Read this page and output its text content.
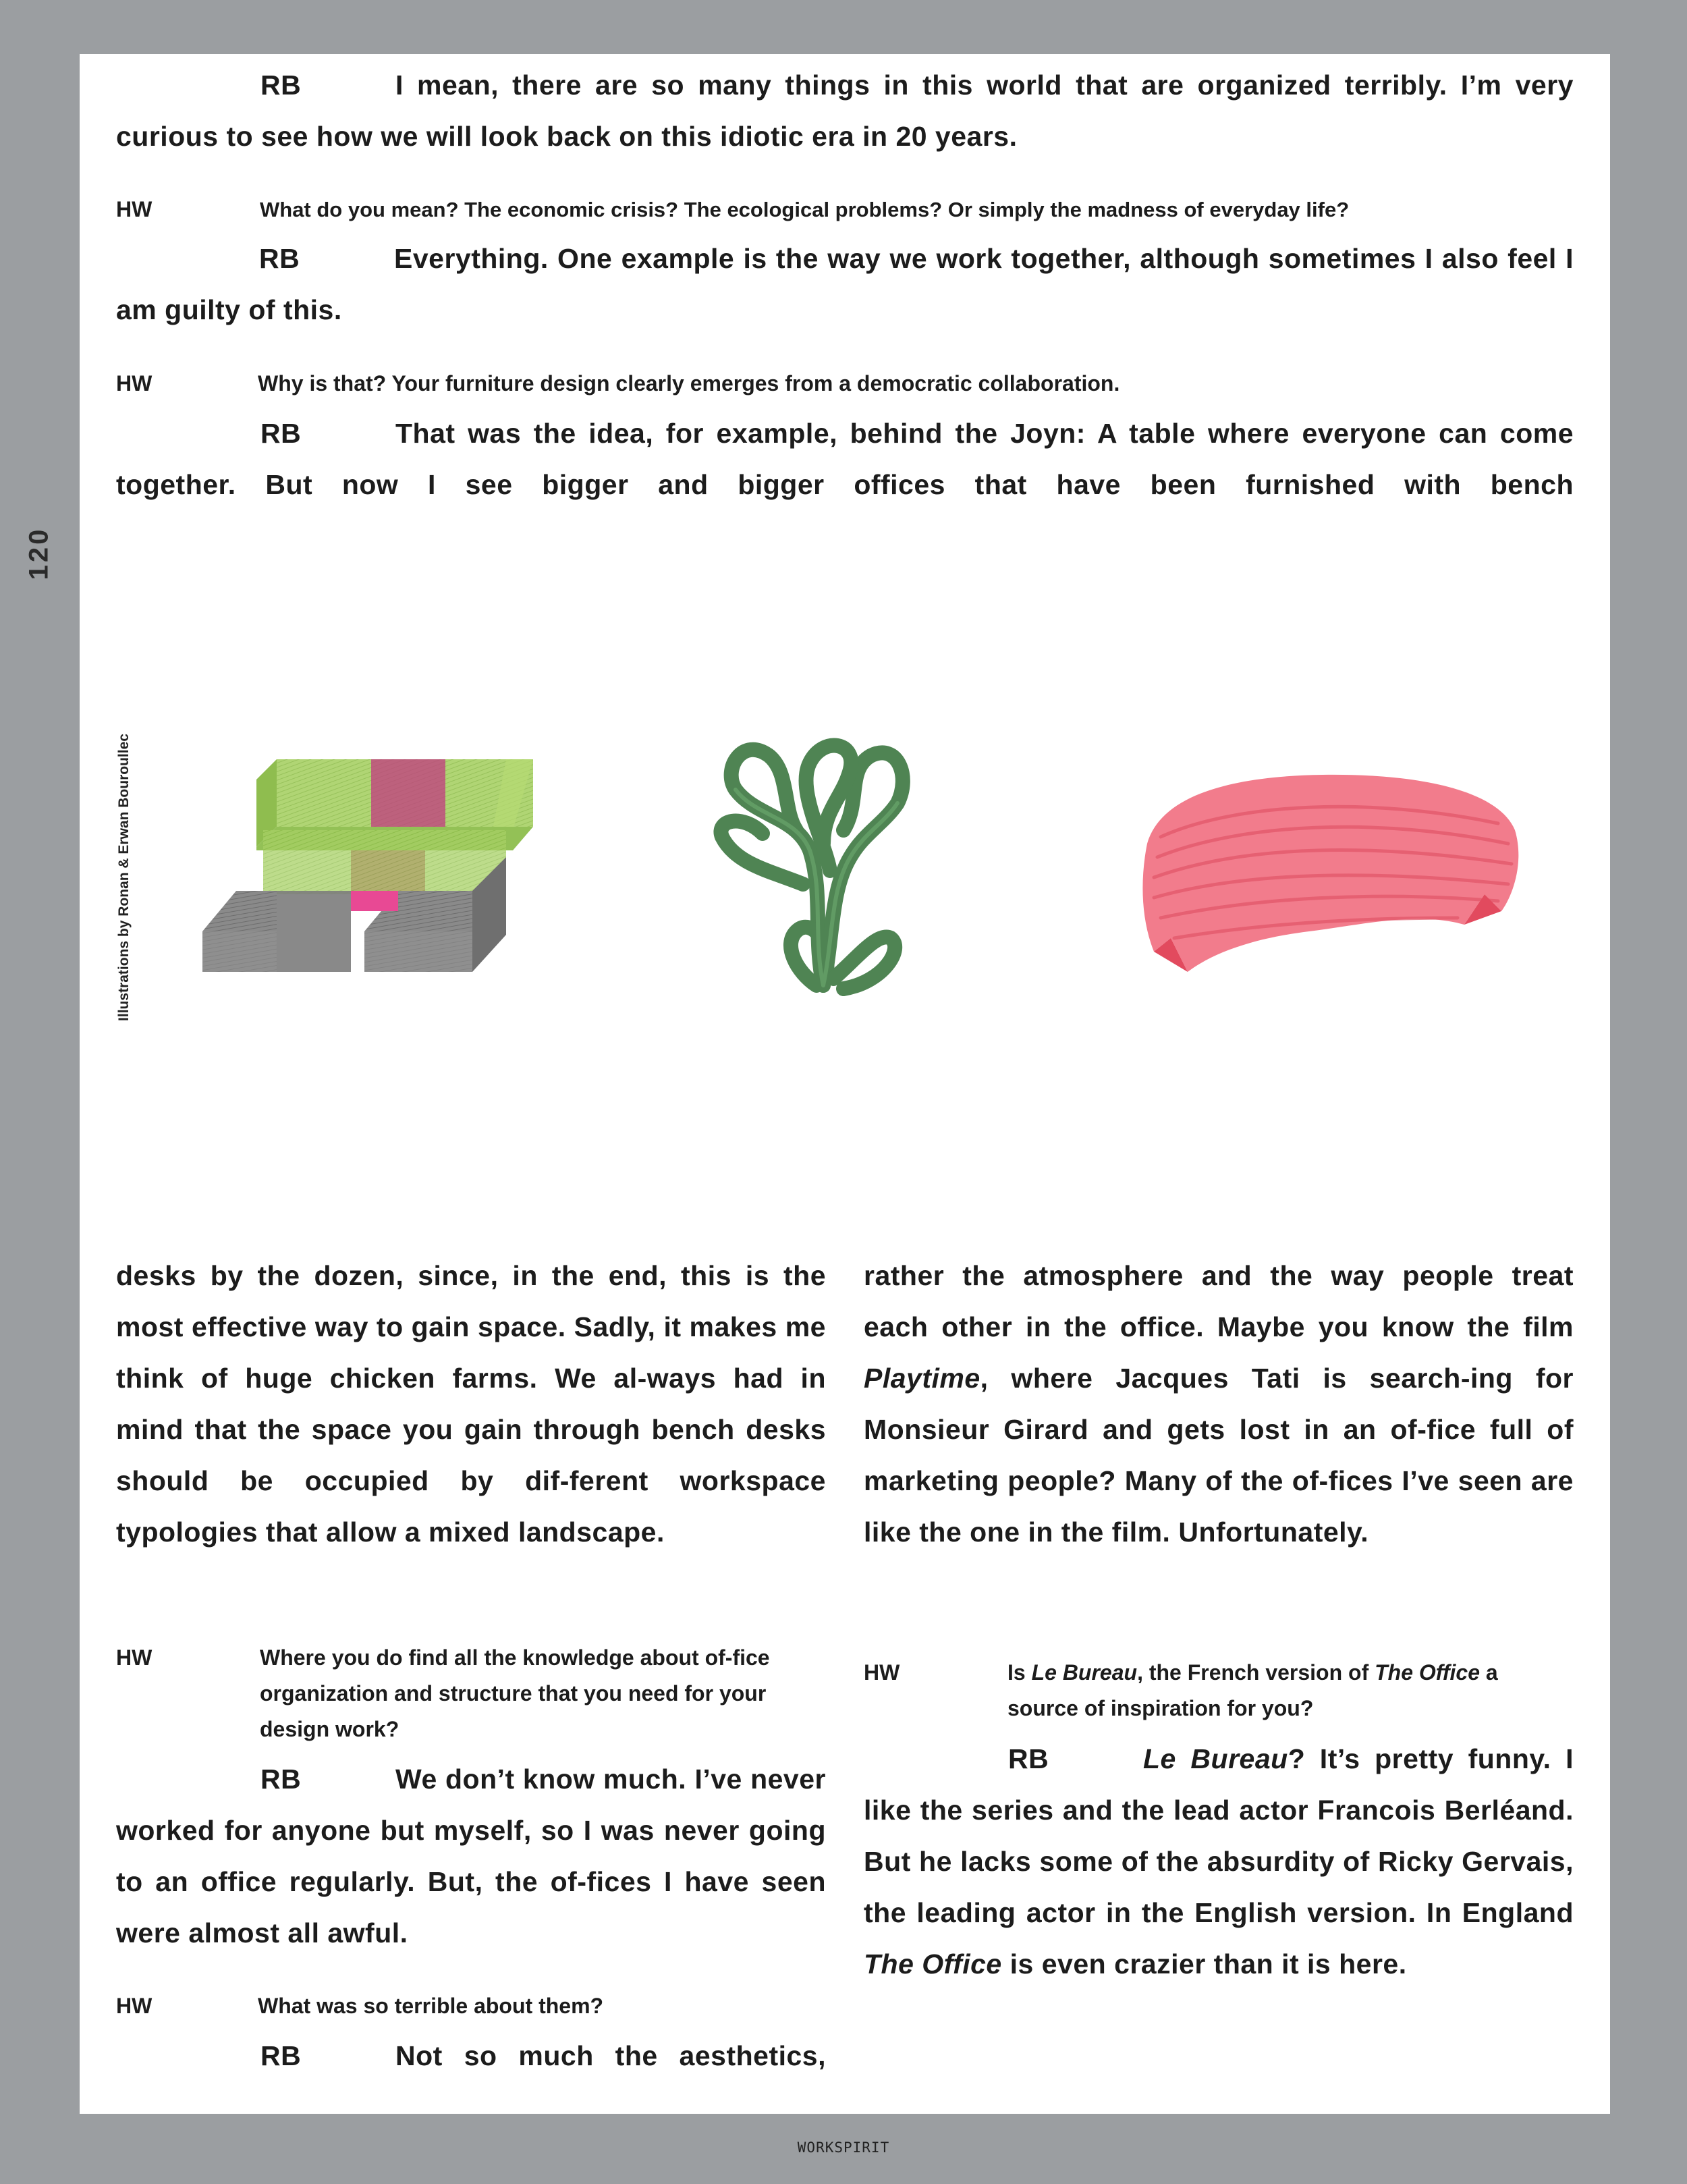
120
Illustrations by Ronan & Erwan Bouroullec

RB	I mean, there are so many things in this world that are organized terribly. I’m very curious to see how we will look back on this idiotic era in 20 years.

HW	What do you mean? The economic crisis? The ecological problems? Or simply the madness of everyday life?

RB	Everything. One example is the way we work together, although sometimes I also feel I am guilty of this.

HW	Why is that? Your furniture design clearly emerges from a democratic collaboration.

RB	That was the idea, for example, behind the Joyn: A table where everyone can come together. But now I see bigger and bigger offices that have been furnished with bench

desks by the dozen, since, in the end, this is the most effective way to gain space. Sadly, it makes me think of huge chicken farms. We al-ways had in mind that the space you gain through bench desks should be occupied by dif-ferent workspace typologies that allow a mixed landscape.

HW	Where you do find all the knowledge about of-fice organization and structure that you need for your design work?

RB	We don’t know much. I’ve never worked for anyone but myself, so I was never going to an office regularly. But, the of-fices I have seen were almost all awful.

HW	What was so terrible about them?

RB	Not so much the aesthetics,

rather the atmosphere and the way people treat each other in the office. Maybe you know the film Playtime, where Jacques Tati is search-ing for Monsieur Girard and gets lost in an of-fice full of marketing people? Many of the of-fices I’ve seen are like the one in the film. Unfortunately.

HW	Is Le Bureau, the French version of The Office a source of inspiration for you?

RB	Le Bureau? It’s pretty funny. I like the series and the lead actor Francois Berléand. But he lacks some of the absurdity of Ricky Gervais, the leading actor in the English version. In England The Office is even crazier than it is here.

WORKSPIRIT
